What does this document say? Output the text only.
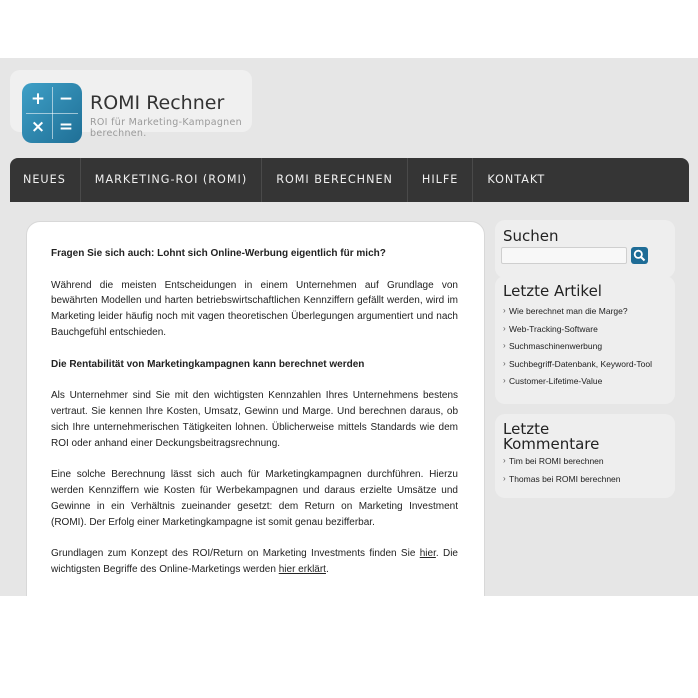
+ −
× =
ROMI Rechner
ROI für Marketing-Kampagnen berechnen.
NEUES	MARKETING-ROI (ROMI)	ROMI BERECHNEN	HILFE	KONTAKT

Fragen Sie sich auch: Lohnt sich Online-Werbung eigentlich für mich?

Während die meisten Entscheidungen in einem Unternehmen auf Grundlage von bewährten Modellen und harten betriebswirtschaftlichen Kennziffern gefällt werden, wird im Marketing leider häufig noch mit vagen theoretischen Überlegungen argumentiert und nach Bauchgefühl entschieden.

Die Rentabilität von Marketingkampagnen kann berechnet werden

Als Unternehmer sind Sie mit den wichtigsten Kennzahlen Ihres Unternehmens bestens vertraut. Sie kennen Ihre Kosten, Umsatz, Gewinn und Marge. Und berechnen daraus, ob sich Ihre unternehmerischen Tätigkeiten lohnen. Üblicherweise mittels Standards wie dem ROI oder anhand einer Deckungsbeitragsrechnung.

Eine solche Berechnung lässt sich auch für Marketingkampagnen durchführen. Hierzu werden Kennziffern wie Kosten für Werbekampagnen und daraus erzielte Umsätze und Gewinne in ein Verhältnis zueinander gesetzt: dem Return on Marketing Investment (ROMI). Der Erfolg einer Marketingkampagne ist somit genau bezifferbar.

Grundlagen zum Konzept des ROI/Return on Marketing Investments finden Sie hier. Die wichtigsten Begriffe des Online-Marketings werden hier erklärt.

Suchen
Letzte Artikel
› Wie berechnet man die Marge?
› Web-Tracking-Software
› Suchmaschinenwerbung
› Suchbegriff-Datenbank, Keyword-Tool
› Customer-Lifetime-Value
Letzte Kommentare
› Tim bei ROMI berechnen
› Thomas bei ROMI berechnen
